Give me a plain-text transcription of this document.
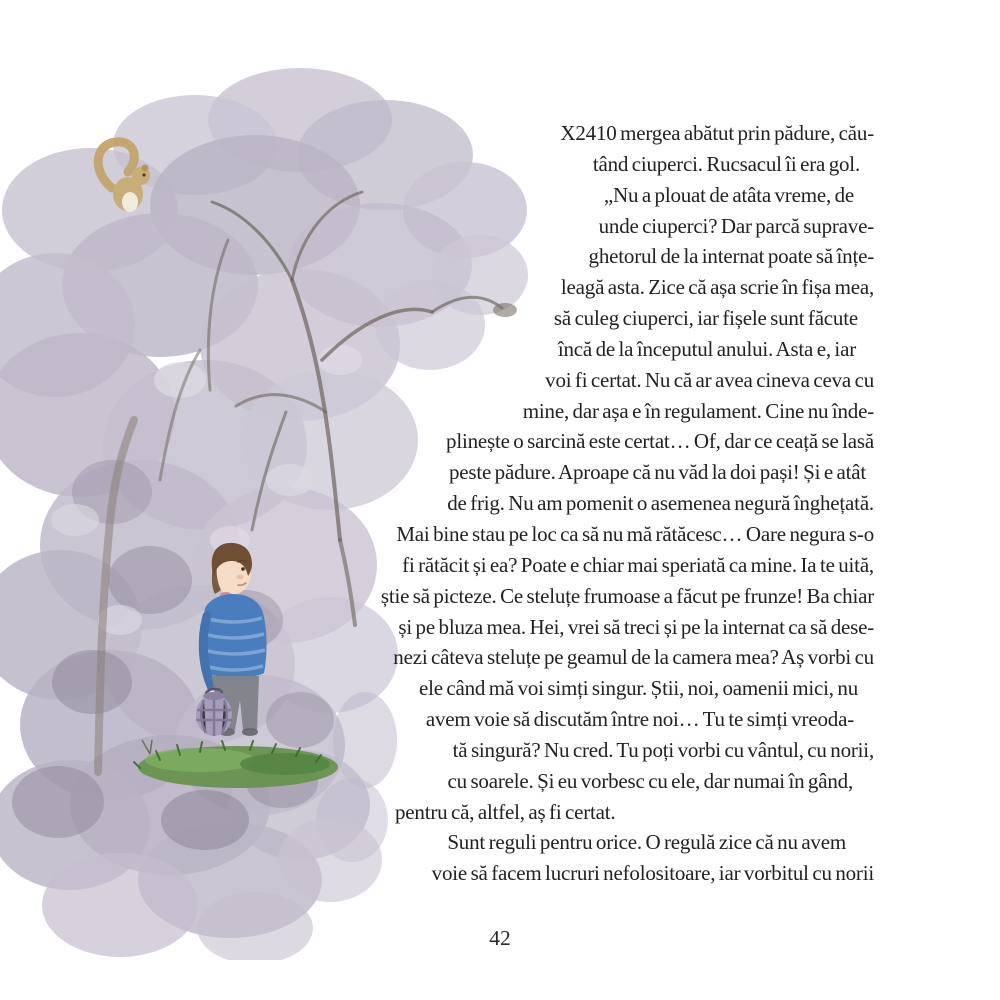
X2410 mergea abătut prin pădure, cău-
tând ciuperci. Rucsacul îi era gol.
„Nu a plouat de atâta vreme, de
unde ciuperci? Dar parcă suprave-
ghetorul de la internat poate să înțe-
leagă asta. Zice că așa scrie în fișa mea,
să culeg ciuperci, iar fișele sunt făcute
încă de la începutul anului. Asta e, iar
voi fi certat. Nu că ar avea cineva ceva cu
mine, dar așa e în regulament. Cine nu înde-
plinește o sarcină este certat… Of, dar ce ceață se lasă
peste pădure. Aproape că nu văd la doi pași! Și e atât
de frig. Nu am pomenit o asemenea negură înghețată.
Mai bine stau pe loc ca să nu mă rătăcesc… Oare negura s-o
fi rătăcit și ea? Poate e chiar mai speriată ca mine. Ia te uită,
știe să picteze. Ce steluțe frumoase a făcut pe frunze! Ba chiar
și pe bluza mea. Hei, vrei să treci și pe la internat ca să dese-
nezi câteva steluțe pe geamul de la camera mea? Aș vorbi cu
ele când mă voi simți singur. Știi, noi, oamenii mici, nu
avem voie să discutăm între noi… Tu te simți vreoda-
tă singură? Nu cred. Tu poți vorbi cu vântul, cu norii,
cu soarele. Și eu vorbesc cu ele, dar numai în gând,
pentru că, altfel, aș fi certat.
Sunt reguli pentru orice. O regulă zice că nu avem
voie să facem lucruri nefolositoare, iar vorbitul cu norii
42
